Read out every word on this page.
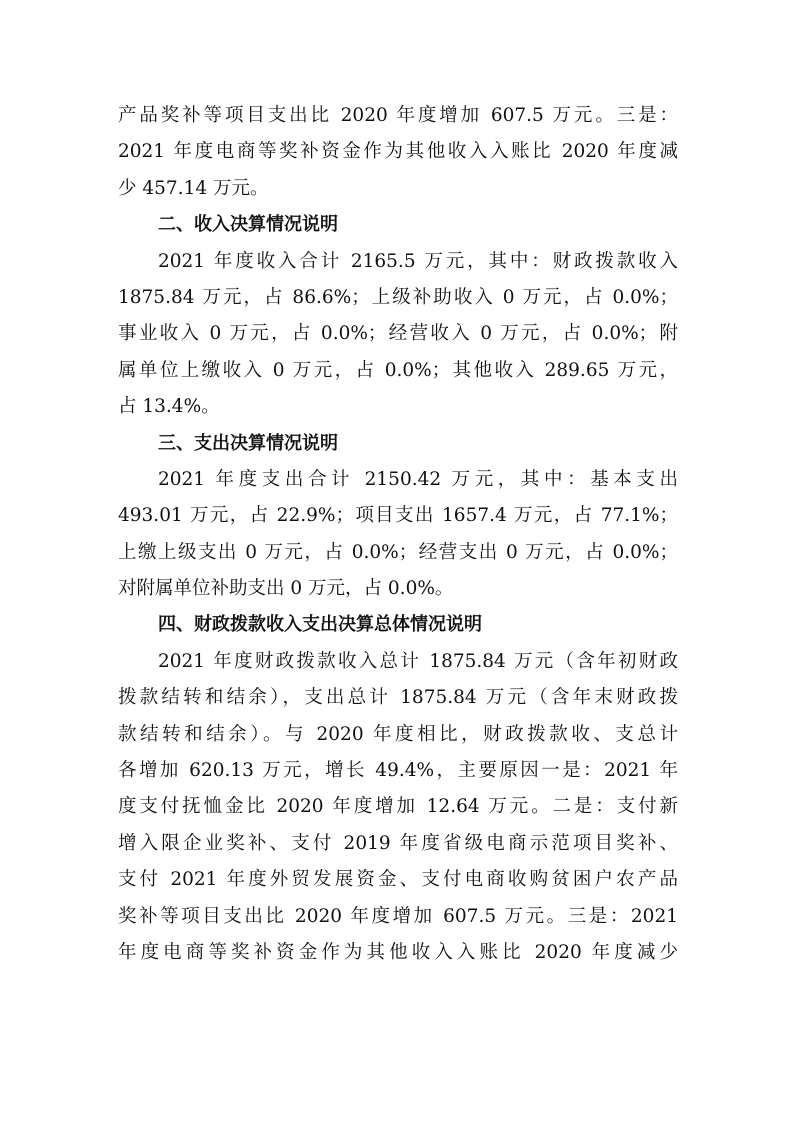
产品奖补等项目支出比 2020 年度增加 607.5 万元。三是：
2021 年度电商等奖补资金作为其他收入入账比 2020 年度减
少 457.14 万元。
二、收入决算情况说明
2021 年度收入合计 2165.5 万元，其中：财政拨款收入
1875.84 万元，占 86.6%；上级补助收入 0 万元，占 0.0%；
事业收入 0 万元，占 0.0%；经营收入 0 万元，占 0.0%；附
属单位上缴收入 0 万元，占 0.0%；其他收入 289.65 万元，
占 13.4%。
三、支出决算情况说明
2021 年度支出合计 2150.42 万元，其中：基本支出
493.01 万元，占 22.9%；项目支出 1657.4 万元，占 77.1%；
上缴上级支出 0 万元，占 0.0%；经营支出 0 万元，占 0.0%；
对附属单位补助支出 0 万元，占 0.0%。
四、财政拨款收入支出决算总体情况说明
2021 年度财政拨款收入总计 1875.84 万元（含年初财政
拨款结转和结余），支出总计 1875.84 万元（含年末财政拨
款结转和结余）。与 2020 年度相比，财政拨款收、支总计
各增加 620.13 万元，增长 49.4%，主要原因一是：2021 年
度支付抚恤金比 2020 年度增加 12.64 万元。二是：支付新
增入限企业奖补、支付 2019 年度省级电商示范项目奖补、
支付 2021 年度外贸发展资金、支付电商收购贫困户农产品
奖补等项目支出比 2020 年度增加 607.5 万元。三是：2021
年度电商等奖补资金作为其他收入入账比 2020 年度减少
